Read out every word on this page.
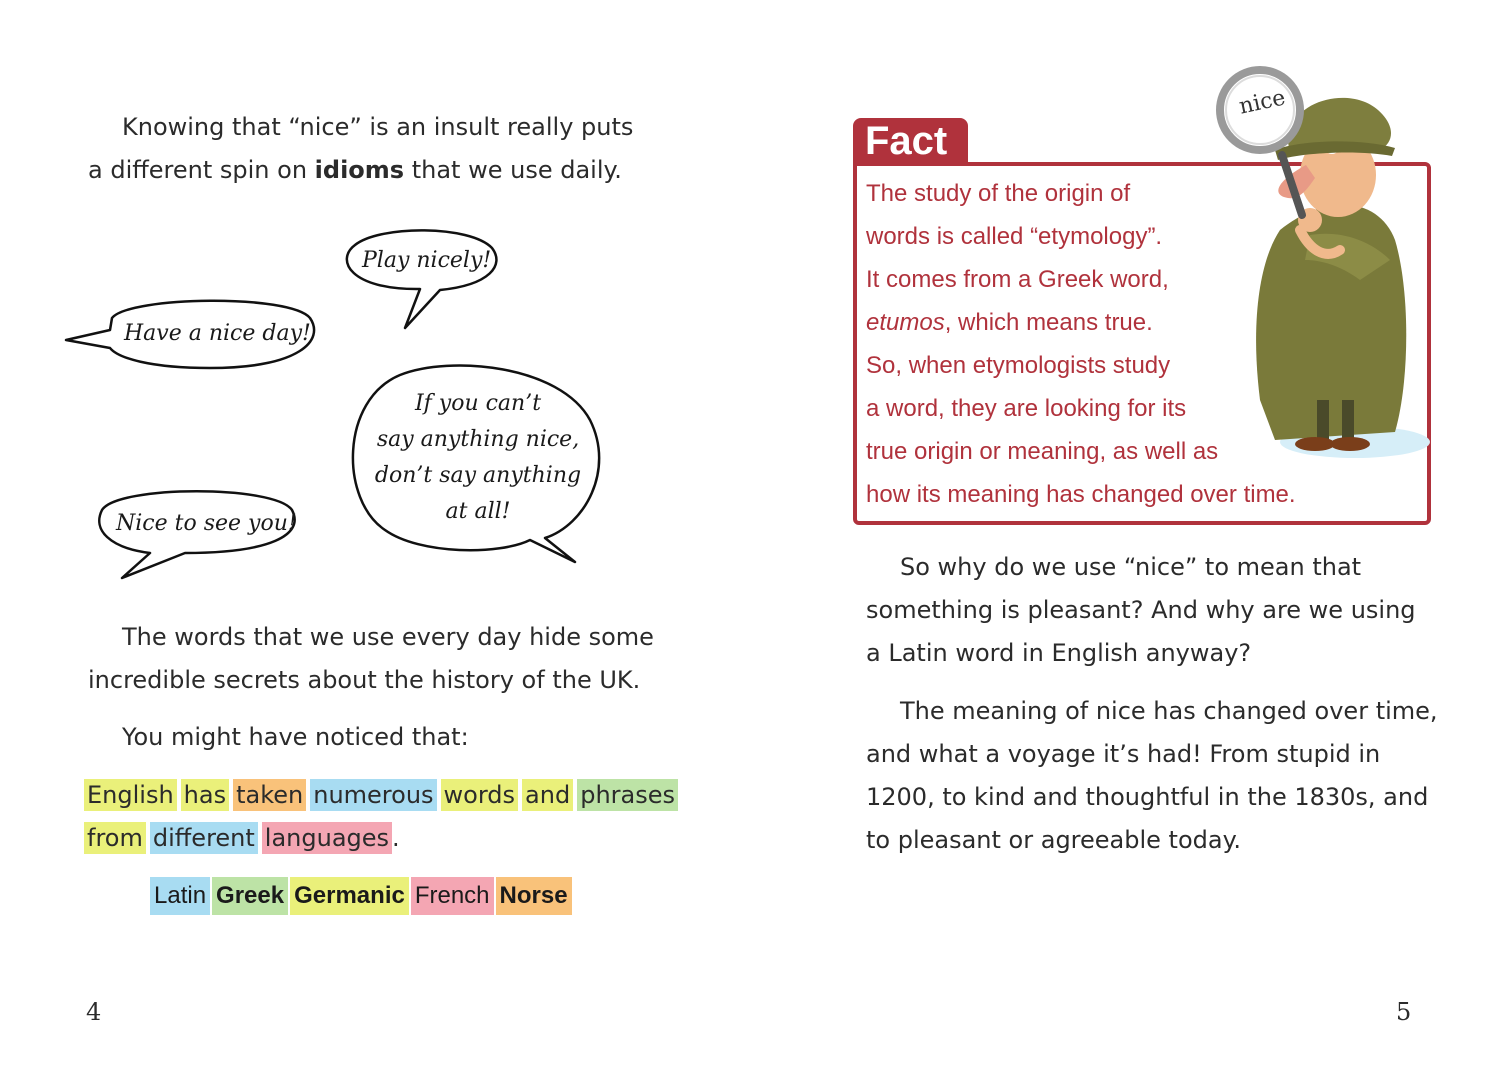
Knowing that “nice” is an insult really puts
a different spin on idioms that we use daily.

Play nicely!
Have a nice day!
If you can’t
say anything nice,
don’t say anything
at all!
Nice to see you!

The words that we use every day hide some
incredible secrets about the history of the UK.

You might have noticed that:

English has taken numerous words and phrases
from different languages .
Latin Greek Germanic French Norse
4
Fact
nice

The study of the origin of
words is called “etymology”.
It comes from a Greek word,
etumos, which means true.
So, when etymologists study
a word, they are looking for its
true origin or meaning, as well as
how its meaning has changed over time.

So why do we use “nice” to mean that
something is pleasant? And why are we using
a Latin word in English anyway?

The meaning of nice has changed over time,
and what a voyage it’s had! From stupid in
1200, to kind and thoughtful in the 1830s, and
to pleasant or agreeable today.

5
